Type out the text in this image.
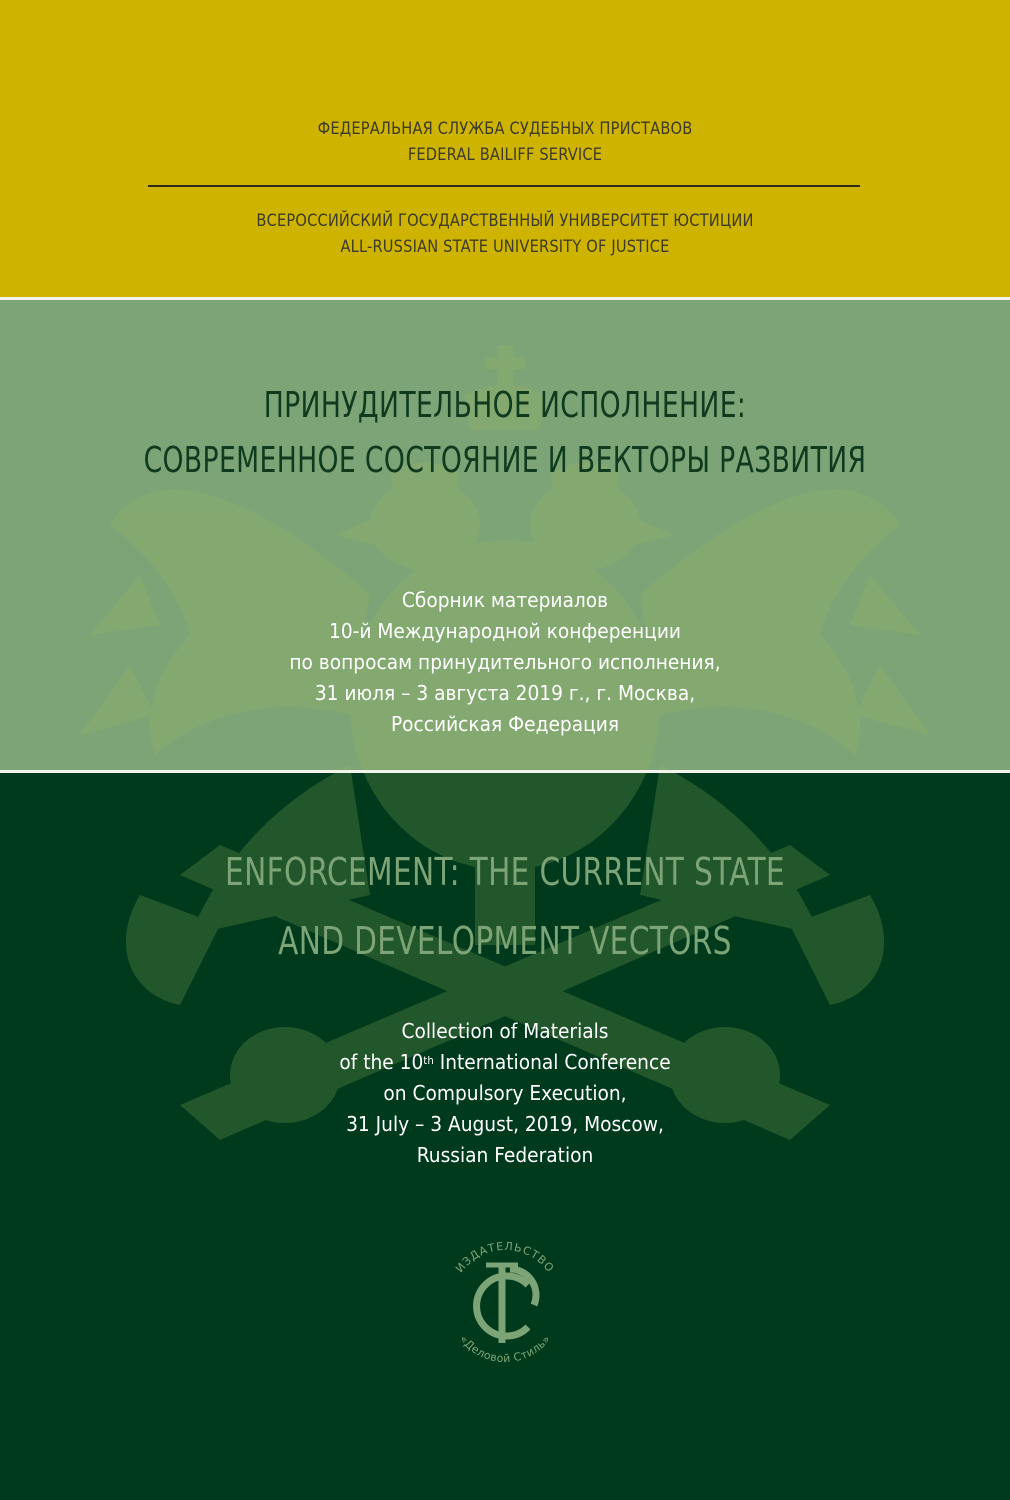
ФЕДЕРАЛЬНАЯ СЛУЖБА СУДЕБНЫХ ПРИСТАВОВ
FEDERAL BAILIFF SERVICE
ВСЕРОССИЙСКИЙ ГОСУДАРСТВЕННЫЙ УНИВЕРСИТЕТ ЮСТИЦИИ
ALL-RUSSIAN STATE UNIVERSITY OF JUSTICE
ПРИНУДИТЕЛЬНОЕ ИСПОЛНЕНИЕ:
СОВРЕМЕННОЕ СОСТОЯНИЕ И ВЕКТОРЫ РАЗВИТИЯ
Сборник материалов
10-й Международной конференции
по вопросам принудительного исполнения,
31 июля – 3 августа 2019 г., г. Москва,
Российская Федерация
ENFORCEMENT: THE CURRENT STATE
AND DEVELOPMENT VECTORS
Collection of Materials
of the 10th International Conference
on Compulsory Execution,
31 July – 3 August, 2019, Moscow,
Russian Federation
ИЗДАТЕЛЬСТВО
«Деловой Стиль»
